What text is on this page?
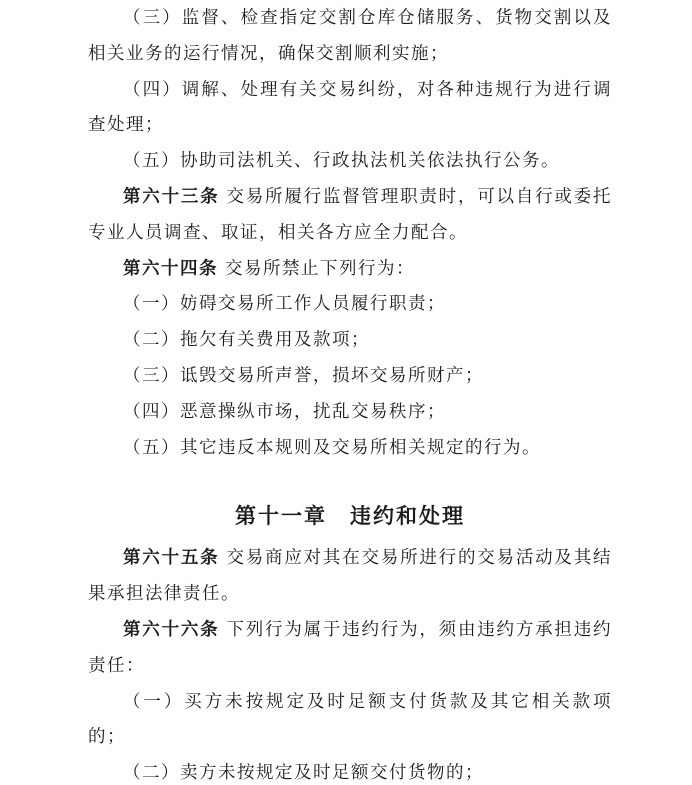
（三）监督、检查指定交割仓库仓储服务、货物交割以及相关业务的运行情况，确保交割顺利实施；

（四）调解、处理有关交易纠纷，对各种违规行为进行调查处理；

（五）协助司法机关、行政执法机关依法执行公务。

第六十三条 交易所履行监督管理职责时，可以自行或委托专业人员调查、取证，相关各方应全力配合。

第六十四条 交易所禁止下列行为：

（一）妨碍交易所工作人员履行职责；

（二）拖欠有关费用及款项；

（三）诋毁交易所声誉，损坏交易所财产；

（四）恶意操纵市场，扰乱交易秩序；

（五）其它违反本规则及交易所相关规定的行为。

第十一章　违约和处理

第六十五条 交易商应对其在交易所进行的交易活动及其结果承担法律责任。

第六十六条 下列行为属于违约行为，须由违约方承担违约责任：

（一）买方未按规定及时足额支付货款及其它相关款项的；

（二）卖方未按规定及时足额交付货物的；
